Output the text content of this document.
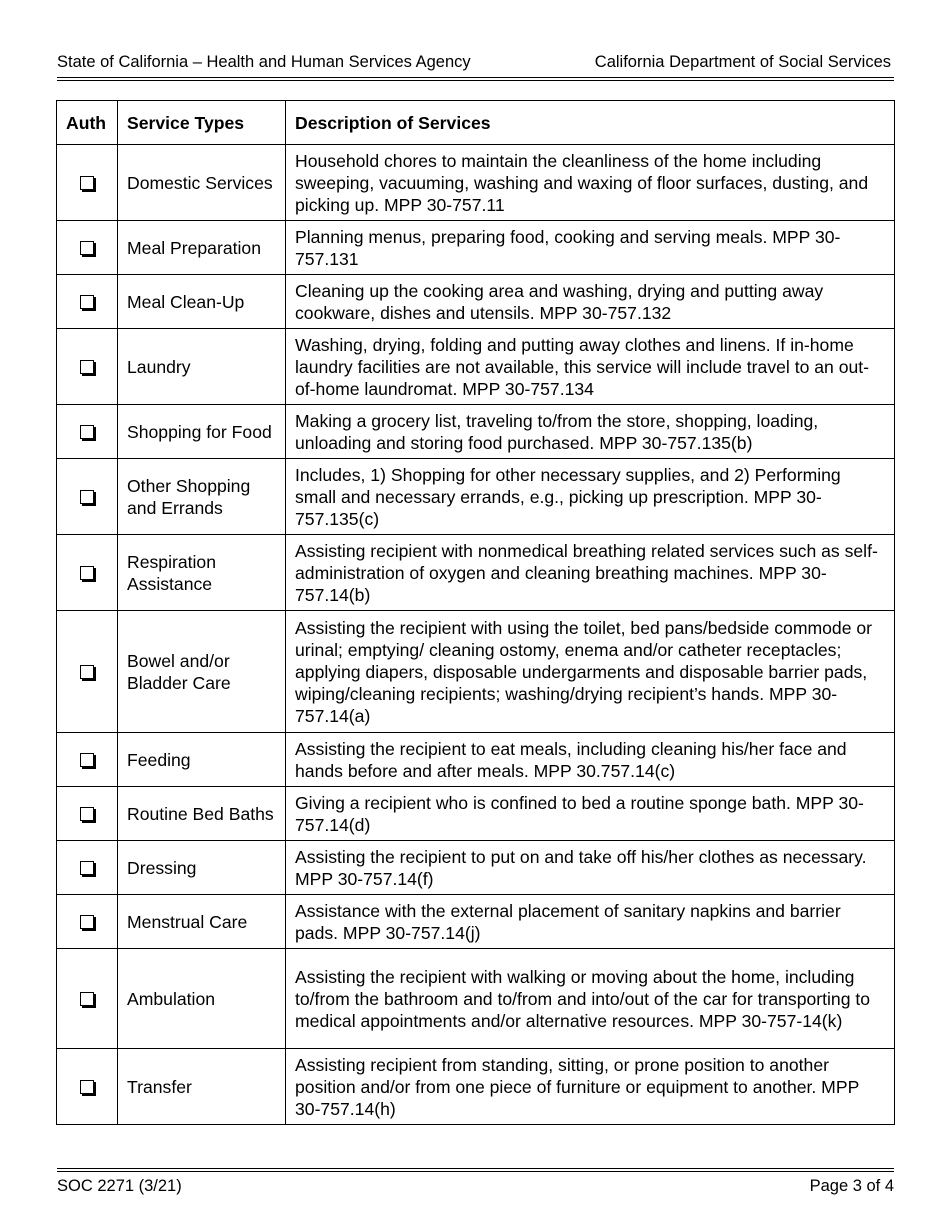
State of California – Health and Human Services Agency	California Department of Social Services
Auth	Service Types	Description of Services
	Domestic Services	Household chores to maintain the cleanliness of the home including sweeping, vacuuming, washing and waxing of floor surfaces, dusting, and picking up. MPP 30-757.11
	Meal Preparation	Planning menus, preparing food, cooking and serving meals. MPP 30-757.131
	Meal Clean-Up	Cleaning up the cooking area and washing, drying and putting away cookware, dishes and utensils. MPP 30-757.132
	Laundry	Washing, drying, folding and putting away clothes and linens. If in-home laundry facilities are not available, this service will include travel to an out-of-home laundromat. MPP 30-757.134
	Shopping for Food	Making a grocery list, traveling to/from the store, shopping, loading, unloading and storing food purchased. MPP 30-757.135(b)
	Other Shopping and Errands	Includes, 1) Shopping for other necessary supplies, and 2) Performing small and necessary errands, e.g., picking up prescription. MPP 30-757.135(c)
	Respiration Assistance	Assisting recipient with nonmedical breathing related services such as self-administration of oxygen and cleaning breathing machines. MPP 30-757.14(b)
	Bowel and/or Bladder Care	Assisting the recipient with using the toilet, bed pans/bedside commode or urinal; emptying/ cleaning ostomy, enema and/or catheter receptacles; applying diapers, disposable undergarments and disposable barrier pads, wiping/cleaning recipients; washing/drying recipient’s hands. MPP 30-757.14(a)
	Feeding	Assisting the recipient to eat meals, including cleaning his/her face and hands before and after meals. MPP 30.757.14(c)
	Routine Bed Baths	Giving a recipient who is confined to bed a routine sponge bath. MPP 30-757.14(d)
	Dressing	Assisting the recipient to put on and take off his/her clothes as necessary. MPP 30-757.14(f)
	Menstrual Care	Assistance with the external placement of sanitary napkins and barrier pads. MPP 30-757.14(j)
	Ambulation	Assisting the recipient with walking or moving about the home, including to/from the bathroom and to/from and into/out of the car for transporting to medical appointments and/or alternative resources. MPP 30-757-14(k)
	Transfer	Assisting recipient from standing, sitting, or prone position to another position and/or from one piece of furniture or equipment to another. MPP 30-757.14(h)
SOC 2271 (3/21)	Page 3 of 4
